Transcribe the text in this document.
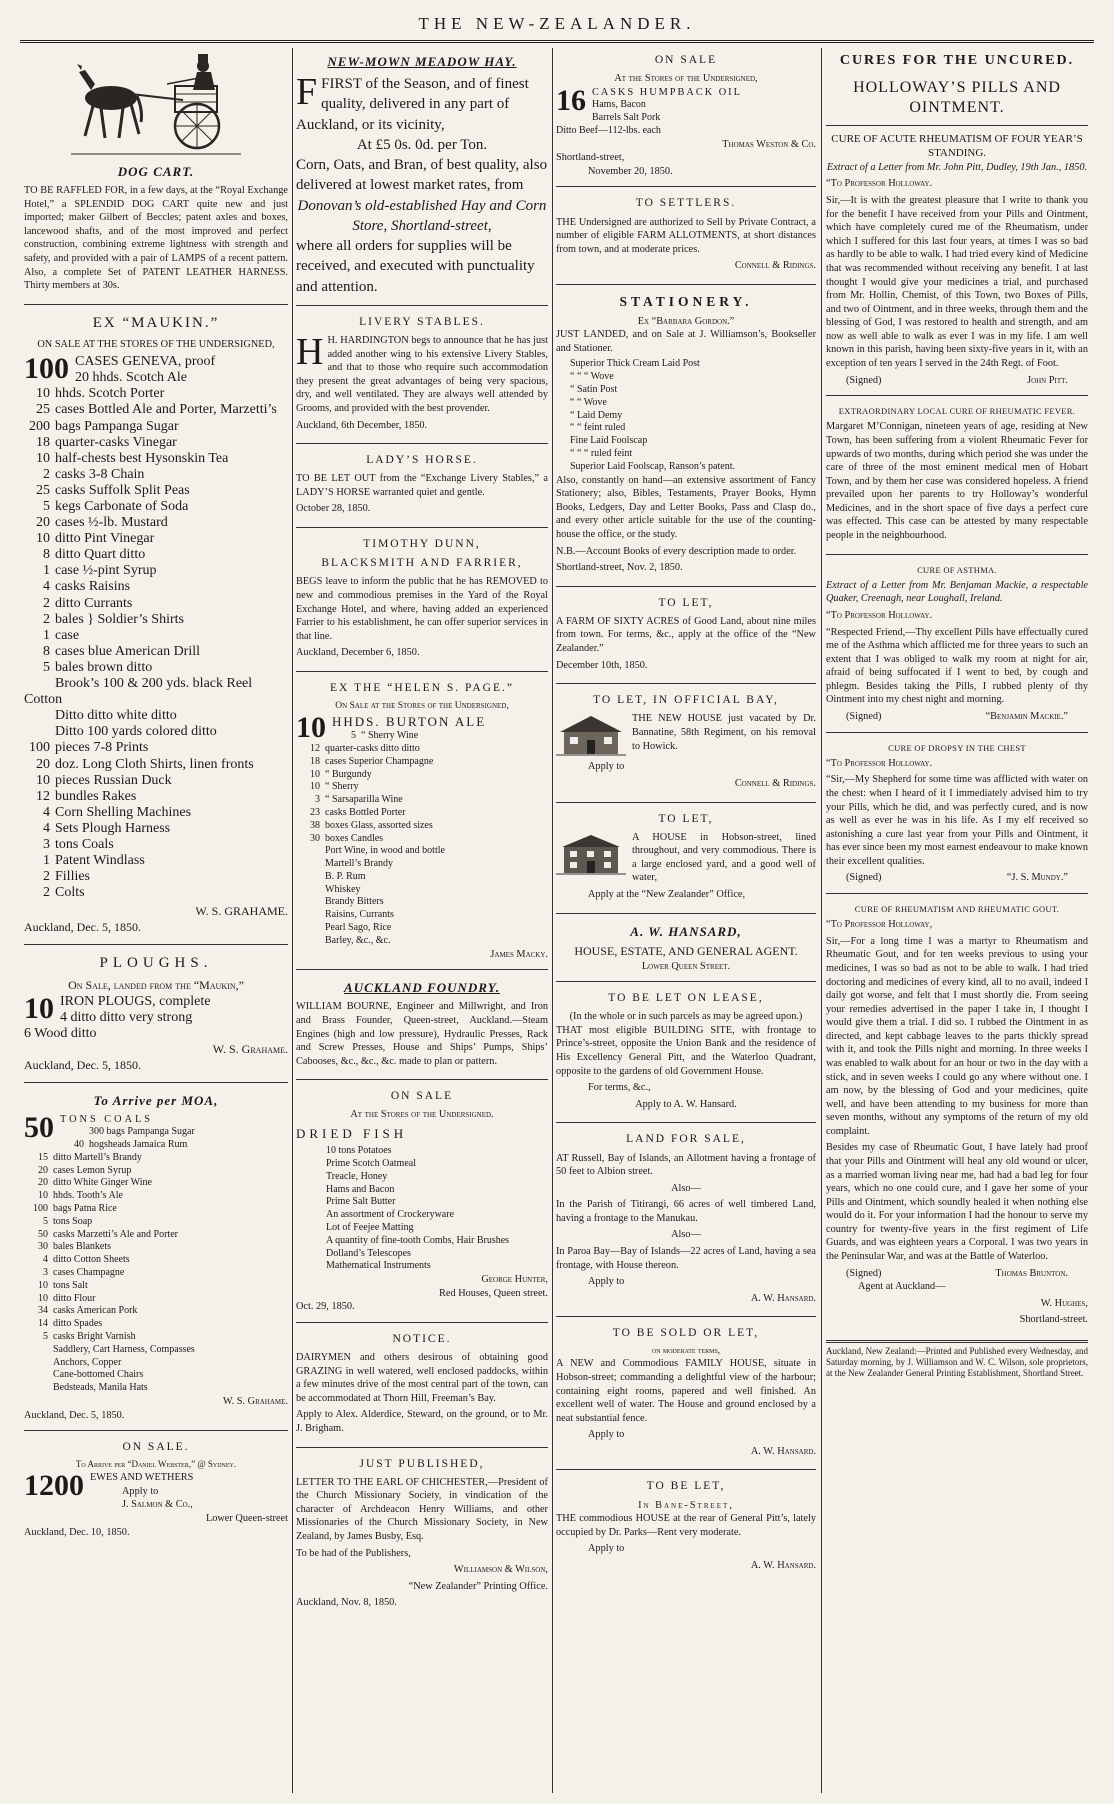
THE NEW-ZEALANDER.
DOG CART.

TO BE RAFFLED FOR, in a few days, at the “Royal Exchange Hotel,” a SPLENDID DOG CART quite new and just imported; maker Gilbert of Beccles; patent axles and boxes, lancewood shafts, and of the most improved and perfect construction, combining extreme lightness with strength and safety, and provided with a pair of LAMPS of a recent pattern. Also, a complete Set of PATENT LEATHER HARNESS. Thirty members at 30s.

EX “MAUKIN.”
ON SALE AT THE STORES OF THE UNDERSIGNED,
100 CASES GENEVA, proof
20 hhds. Scotch Ale
10 hhds. Scotch Porter
25 cases Bottled Ale and Porter, Marzetti’s
200 bags Pampanga Sugar
18 quarter-casks Vinegar
10 half-chests best Hysonskin Tea
2 casks 3-8 Chain
25 casks Suffolk Split Peas
5 kegs Carbonate of Soda
20 cases ½-lb. Mustard
10 ditto Pint Vinegar
8 ditto Quart ditto
1 case ½-pint Syrup
4 casks Raisins
2 ditto Currants
2 bales } Soldier’s Shirts
1 case
8 cases blue American Drill
5 bales brown ditto
Brook’s 100 & 200 yds. black Reel Cotton
Ditto ditto white ditto
Ditto 100 yards colored ditto
100 pieces 7-8 Prints
20 doz. Long Cloth Shirts, linen fronts
10 pieces Russian Duck
12 bundles Rakes
4 Corn Shelling Machines
4 Sets Plough Harness
3 tons Coals
1 Patent Windlass
2 Fillies
2 Colts
W. S. GRAHAME.
Auckland, Dec. 5, 1850.
PLOUGHS.
On Sale, landed from the “Maukin,”
10 IRON PLOUGS, complete
4 ditto ditto very strong
6 Wood ditto
W. S. Grahame.
Auckland, Dec. 5, 1850.
To Arrive per MOA,
50 TONS COALS
300 bags Pampanga Sugar
40 hogsheads Jamaica Rum
15 ditto Martell’s Brandy
20 cases Lemon Syrup
20 ditto White Ginger Wine
10 hhds. Tooth’s Ale
100 bags Patna Rice
5 tons Soap
50 casks Marzetti’s Ale and Porter
30 bales Blankets
4 ditto Cotton Sheets
3 cases Champagne
10 tons Salt
10 ditto Flour
34 casks American Pork
14 ditto Spades
5 casks Bright Varnish
Saddlery, Cart Harness, Compasses
Anchors, Copper
Cane-bottomed Chairs
Bedsteads, Manila Hats
W. S. Grahame.
Auckland, Dec. 5, 1850.
ON SALE.
To Arrive per “Daniel Webster,” @ Sydney.
1200 EWES AND WETHERS
Apply to
J. Salmon & Co.,
Lower Queen-street
Auckland, Dec. 10, 1850.
NEW-MOWN MEADOW HAY.

FFIRST of the Season, and of finest quality, delivered in any part of Auckland, or its vicinity,

At £5 0s. 0d. per Ton.

Corn, Oats, and Bran, of best quality, also delivered at lowest market rates, from

Donovan’s old-established Hay and Corn Store, Shortland-street,

where all orders for supplies will be received, and executed with punctuality and attention.

LIVERY STABLES.

H H. HARDINGTON begs to announce that he has just added another wing to his extensive Livery Stables, and that to those who require such accommodation they present the great advantages of being very spacious, dry, and well ventilated. They are always well attended by Grooms, and provided with the best provender.

Auckland, 6th December, 1850.

LADY’S HORSE.

TO BE LET OUT from the “Exchange Livery Stables,” a LADY’S HORSE warranted quiet and gentle.

October 28, 1850.

TIMOTHY DUNN,
BLACKSMITH AND FARRIER,

BEGS leave to inform the public that he has REMOVED to new and commodious premises in the Yard of the Royal Exchange Hotel, and where, having added an experienced Farrier to his establishment, he can offer superior services in that line.

Auckland, December 6, 1850.

EX THE “HELEN S. PAGE.”
On Sale at the Stores of the Undersigned,
10 HHDS. BURTON ALE
5 “ Sherry Wine
12 quarter-casks ditto ditto
18 cases Superior Champagne
10 “ Burgundy
10 “ Sherry
3 “ Sarsaparilla Wine
23 casks Bottled Porter
38 boxes Glass, assorted sizes
30 boxes Candles
Port Wine, in wood and bottle
Martell’s Brandy
B. P. Rum
Whiskey
Brandy Bitters
Raisins, Currants
Pearl Sago, Rice
Barley, &c., &c.
James Macky.
AUCKLAND FOUNDRY.

WILLIAM BOURNE, Engineer and Millwright, and Iron and Brass Founder, Queen-street, Auckland.—Steam Engines (high and low pressure), Hydraulic Presses, Rack and Screw Presses, House and Ships’ Pumps, Ships’ Cabooses, &c., &c., &c. made to plan or pattern.

ON SALE
At the Stores of the Undersigned.
DRIED FISH
10 tons Potatoes
Prime Scotch Oatmeal
Treacle, Honey
Hams and Bacon
Prime Salt Butter
An assortment of Crockeryware
Lot of Feejee Matting
A quantity of fine-tooth Combs, Hair Brushes
Dolland’s Telescopes
Mathematical Instruments
George Hunter,
Red Houses, Queen street.
Oct. 29, 1850.
NOTICE.

DAIRYMEN and others desirous of obtaining good GRAZING in well watered, well enclosed paddocks, within a few minutes drive of the most central part of the town, can be accommodated at Thorn Hill, Freeman’s Bay.

Apply to Alex. Alderdice, Steward, on the ground, or to Mr. J. Brigham.

JUST PUBLISHED,

LETTER TO THE EARL OF CHICHESTER,—President of the Church Missionary Society, in vindication of the character of Archdeacon Henry Williams, and other Missionaries of the Church Missionary Society, in New Zealand, by James Busby, Esq.

To be had of the Publishers,

Williamson & Wilson,

“New Zealander” Printing Office.

Auckland, Nov. 8, 1850.

ON SALE
At the Stores of the Undersigned,
16 CASKS HUMPBACK OIL
Hams, Bacon
Barrels Salt Pork
Ditto Beef—112-lbs. each
Thomas Weston & Co.
Shortland-street,
November 20, 1850.
TO SETTLERS.

THE Undersigned are authorized to Sell by Private Contract, a number of eligible FARM ALLOTMENTS, at short distances from town, and at moderate prices.

Connell & Ridings.

STATIONERY.
Ex “Barbara Gordon.”

JUST LANDED, and on Sale at J. Williamson’s, Bookseller and Stationer.

Superior Thick Cream Laid Post
“ “ “ Wove
“ Satin Post
“ “ Wove
“ Laid Demy
“ “ feint ruled
Fine Laid Foolscap
“ “ “ ruled feint
Superior Laid Foolscap, Ranson’s patent.

Also, constantly on hand—an extensive assortment of Fancy Stationery; also, Bibles, Testaments, Prayer Books, Hymn Books, Ledgers, Day and Letter Books, Pass and Clasp do., and every other article suitable for the use of the counting-house the office, or the study.

N.B.—Account Books of every description made to order.

Shortland-street, Nov. 2, 1850.

TO LET,

A FARM OF SIXTY ACRES of Good Land, about nine miles from town. For terms, &c., apply at the office of the “New Zealander.”

December 10th, 1850.

TO LET, IN OFFICIAL BAY,

THE NEW HOUSE just vacated by Dr. Bannatine, 58th Regiment, on his removal to Howick.

Apply to

Connell & Ridings.

TO LET,

A HOUSE in Hobson-street, lined throughout, and very commodious. There is a large enclosed yard, and a good well of water,

Apply at the “New Zealander” Office,

A. W. HANSARD,
HOUSE, ESTATE, AND GENERAL AGENT.
Lower Queen Street.
TO BE LET ON LEASE,
(In the whole or in such parcels as may be agreed upon.)

THAT most eligible BUILDING SITE, with frontage to Prince’s-street, opposite the Union Bank and the residence of His Excellency General Pitt, and the Waterloo Quadrant, opposite to the gardens of old Government House.

For terms, &c.,

Apply to A. W. Hansard.

LAND FOR SALE,

AT Russell, Bay of Islands, an Allotment having a frontage of 50 feet to Albion street.

Also—

In the Parish of Titirangi, 66 acres of well timbered Land, having a frontage to the Manukau.

Also—

In Paroa Bay—Bay of Islands—22 acres of Land, having a sea frontage, with House thereon.

Apply to

A. W. Hansard.

TO BE SOLD OR LET,
on moderate terms,

A NEW and Commodious FAMILY HOUSE, situate in Hobson-street; commanding a delightful view of the harbour; containing eight rooms, papered and well finished. An excellent well of water. The House and ground enclosed by a neat substantial fence.

Apply to

A. W. Hansard.

TO BE LET,
In Bane-Street,

THE commodious HOUSE at the rear of General Pitt’s, lately occupied by Dr. Parks—Rent very moderate.

Apply to

A. W. Hansard.

CURES FOR THE UNCURED.
HOLLOWAY’S PILLS AND OINTMENT.
CURE OF ACUTE RHEUMATISM OF FOUR YEAR’S STANDING.

Extract of a Letter from Mr. John Pitt, Dudley, 19th Jan., 1850.

“To Professor Holloway.

Sir,—It is with the greatest pleasure that I write to thank you for the benefit I have received from your Pills and Ointment, which have completely cured me of the Rheumatism, under which I suffered for this last four years, at times I was so bad as hardly to be able to walk. I had tried every kind of Medicine that was recommended without receiving any benefit. I at last thought I would give your medicines a trial, and purchased from Mr. Hollin, Chemist, of this Town, two Boxes of Pills, and two of Ointment, and in three weeks, through them and the blessing of God, I was restored to health and strength, and am now as well able to walk as ever I was in my life. I am well known in this parish, having been sixty-five years in it, with an exception of ten years I served in the 24th Regt. of Foot.

(Signed)	John Pitt.
EXTRAORDINARY LOCAL CURE OF RHEUMATIC FEVER.

Margaret M’Connigan, nineteen years of age, residing at New Town, has been suffering from a violent Rheumatic Fever for upwards of two months, during which period she was under the care of three of the most eminent medical men of Hobart Town, and by them her case was considered hopeless. A friend prevailed upon her parents to try Holloway’s wonderful Medicines, and in the short space of five days a perfect cure was effected. This case can be attested by many respectable people in the neighbourhood.

CURE OF ASTHMA.

Extract of a Letter from Mr. Benjaman Mackie, a respectable Quaker, Creenagh, near Loughall, Ireland.

“To Professor Holloway.

“Respected Friend,—Thy excellent Pills have effectually cured me of the Asthma which afflicted me for three years to such an extent that I was obliged to walk my room at night for air, afraid of being suffocated if I went to bed, by cough and phlegm. Besides taking the Pills, I rubbed plenty of thy Ointment into my chest night and morning.

(Signed)	“Benjamin Mackie.”
CURE OF DROPSY IN THE CHEST

“To Professor Holloway.

“Sir,—My Shepherd for some time was afflicted with water on the chest: when I heard of it I immediately advised him to try your Pills, which he did, and was perfectly cured, and is now as well as ever he was in his life. As I my elf received so astonishing a cure last year from your Pills and Ointment, it has ever since been my most earnest endeavour to make known their excellent qualities.

(Signed)	“J. S. Mundy.”
CURE OF RHEUMATISM AND RHEUMATIC GOUT.

“To Professor Holloway,

Sir,—For a long time I was a martyr to Rheumatism and Rheumatic Gout, and for ten weeks previous to using your medicines, I was so bad as not to be able to walk. I had tried doctoring and medicines of every kind, all to no avail, indeed I daily got worse, and felt that I must shortly die. From seeing your remedies advertised in the paper I take in, I thought I would give them a trial. I did so. I rubbed the Ointment in as directed, and kept cabbage leaves to the parts thickly spread with it, and took the Pills night and morning. In three weeks I was enabled to walk about for an hour or two in the day with a stick, and in seven weeks I could go any where without one. I am now, by the blessing of God and your medicines, quite well, and have been attending to my business for more than seven months, without any symptoms of the return of my old complaint.

Besides my case of Rheumatic Gout, I have lately had proof that your Pills and Ointment will heal any old wound or ulcer, as a married woman living near me, had had a bad leg for four years, which no one could cure, and I gave her some of your Pills and Ointment, which soundly healed it when nothing else would do it. For your information I had the honour to serve my country for twenty-five years in the first regiment of Life Guards, and was eighteen years a Corporal. I was two years in the Peninsular War, and was at the Battle of Waterloo.

(Signed)	Thomas Brunton.

Agent at Auckland—

W. Hughes,

Shortland-street.

Auckland, New Zealand:—Printed and Published every Wednesday, and Saturday morning, by J. Williamson and W. C. Wilson, sole proprietors, at the New Zealander General Printing Establishment, Shortland Street.
